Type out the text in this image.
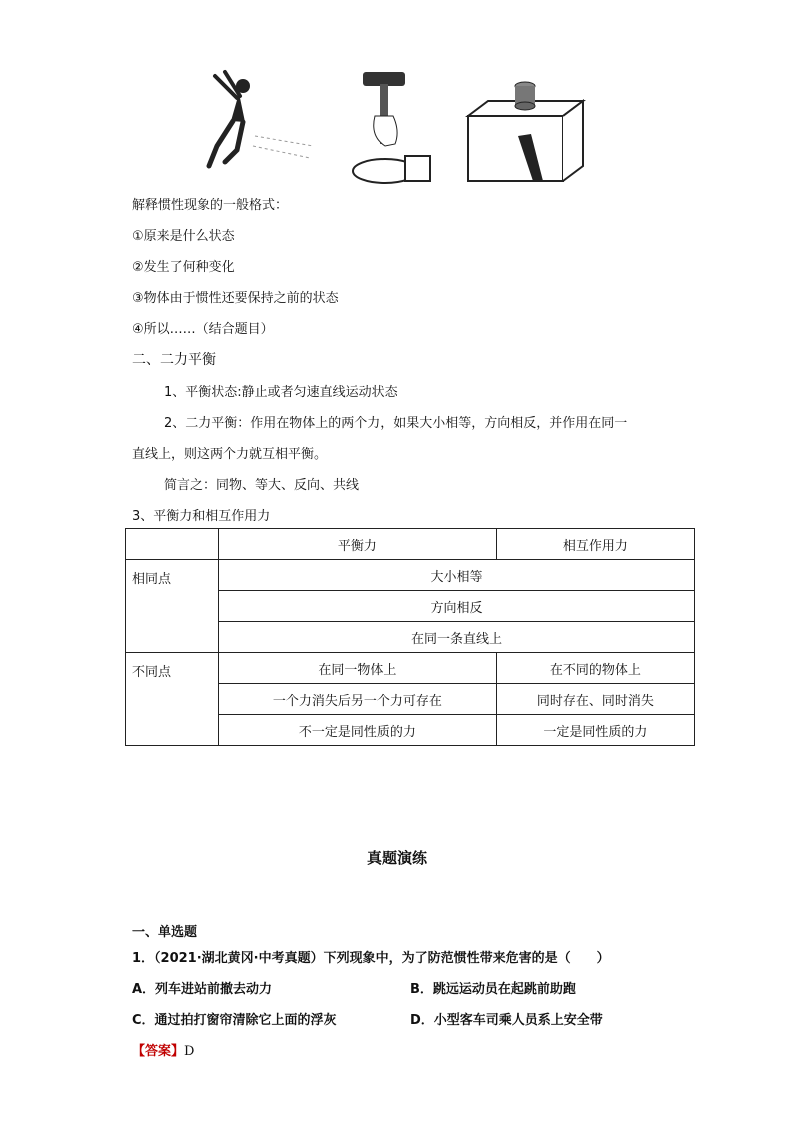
解释惯性现象的一般格式：
①原来是什么状态
②发生了何种变化
③物体由于惯性还要保持之前的状态
④所以……（结合题目）
二、二力平衡
1、平衡状态:静止或者匀速直线运动状态
2、二力平衡：作用在物体上的两个力，如果大小相等，方向相反，并作用在同一
直线上，则这两个力就互相平衡。
简言之：同物、等大、反向、共线
3、平衡力和相互作用力
	平衡力	相互作用力
相同点	大小相等	
	方向相反	
	在同一条直线上	
不同点	在同一物体上	在不同的物体上
	一个力消失后另一个力可存在	同时存在、同时消失
	不一定是同性质的力	一定是同性质的力
真题演练
一、单选题
1．（2021·湖北黄冈·中考真题）下列现象中，为了防范惯性带来危害的是（　　）
A．列车进站前撤去动力	B．跳远运动员在起跳前助跑
C．通过拍打窗帘清除它上面的浮灰	D．小型客车司乘人员系上安全带
【答案】D
